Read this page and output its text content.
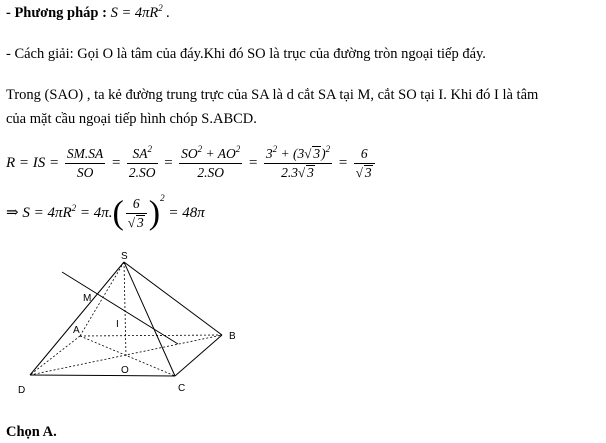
- Phương pháp : $S = 4\pi R^2$ .
- Cách giải: Gọi O là tâm của đáy.Khi đó SO là trục của đường tròn ngoại tiếp đáy.
Trong (SAO) , ta kẻ đường trung trực của SA là d cắt SA tại M, cắt SO tại I. Khi đó I là tâm
của mặt cầu ngoại tiếp hình chóp S.ABCD.
R = IS = $\frac{SM.SA}{SO} = \frac{SA^2}{2.SO} = \frac{SO^2 + AO^2}{2.SO} = \frac{3^2 + (3√ 3)^2}{2.3√ 3} = \frac{6}{√ 3}$
⇒ $S = 4\pi R^2 = 4\pi.( \frac{6}{√ 3} )^2 = 48\pi$
S
M
A
I
B
O
D	C
Chọn A.
